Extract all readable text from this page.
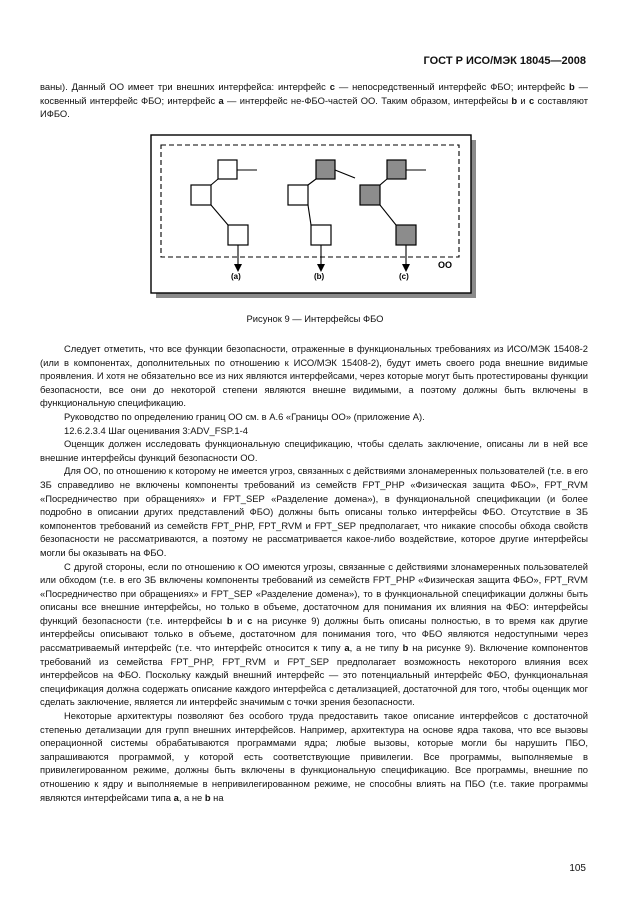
ГОСТ Р ИСО/МЭК 18045—2008

ваны). Данный ОО имеет три внешних интерфейса: интерфейс c — непосредственный интерфейс ФБО; интерфейс b — косвенный интерфейс ФБО; интерфейс a — интерфейс не-ФБО-частей ОО. Таким образом, интерфейсы b и c составляют ИФБО.

(a)	(b)	(c)
ОО
Рисунок 9 — Интерфейсы ФБО

Следует отметить, что все функции безопасности, отраженные в функциональных требованиях из ИСО/МЭК 15408-2 (или в компонентах, дополнительных по отношению к ИСО/МЭК 15408-2), будут иметь своего рода внешние видимые проявления. И хотя не обязательно все из них являются интерфейсами, через которые могут быть протестированы функции безопасности, все они до некоторой степени являются внешне видимыми, а поэтому должны быть включены в функциональную спецификацию.

Руководство по определению границ ОО см. в А.6 «Границы ОО» (приложение А).

12.6.2.3.4 Шаг оценивания 3:ADV_FSP.1-4

Оценщик должен исследовать функциональную спецификацию, чтобы сделать заключение, описаны ли в ней все внешние интерфейсы функций безопасности ОО.

Для ОО, по отношению к которому не имеется угроз, связанных с действиями злонамеренных пользователей (т.е. в его ЗБ справедливо не включены компоненты требований из семейств FPT_PHP «Физическая защита ФБО», FPT_RVM «Посредничество при обращениях» и FPT_SEP «Разделение домена»), в функциональной спецификации (и более подробно в описании других представлений ФБО) должны быть описаны только интерфейсы ФБО. Отсутствие в ЗБ компонентов требований из семейств FPT_PHP, FPT_RVM и FPT_SEP предполагает, что никакие способы обхода свойств безопасности не рассматриваются, а поэтому не рассматривается какое-либо воздействие, которое другие интерфейсы могли бы оказывать на ФБО.

С другой стороны, если по отношению к ОО имеются угрозы, связанные с действиями злонамеренных пользователей или обходом (т.е. в его ЗБ включены компоненты требований из семейств FPT_PHP «Физическая защита ФБО», FPT_RVM «Посредничество при обращениях» и FPT_SEP «Разделение домена»), то в функциональной спецификации должны быть описаны все внешние интерфейсы, но только в объеме, достаточном для понимания их влияния на ФБО: интерфейсы функций безопасности (т.е. интерфейсы b и c на рисунке 9) должны быть описаны полностью, в то время как другие интерфейсы описывают только в объеме, достаточном для понимания того, что ФБО являются недоступными через рассматриваемый интерфейс (т.е. что интерфейс относится к типу a, а не типу b на рисунке 9). Включение компонентов требований из семейства FPT_PHP, FPT_RVM и FPT_SEP предполагает возможность некоторого влияния всех интерфейсов на ФБО. Поскольку каждый внешний интерфейс — это потенциальный интерфейс ФБО, функциональная спецификация должна содержать описание каждого интерфейса с детализацией, достаточной для того, чтобы оценщик мог сделать заключение, является ли интерфейс значимым с точки зрения безопасности.

Некоторые архитектуры позволяют без особого труда предоставить такое описание интерфейсов с достаточной степенью детализации для групп внешних интерфейсов. Например, архитектура на основе ядра такова, что все вызовы операционной системы обрабатываются программами ядра; любые вызовы, которые могли бы нарушить ПБО, запрашиваются программой, у которой есть соответствующие привилегии. Все программы, выполняемые в привилегированном режиме, должны быть включены в функциональную спецификацию. Все программы, внешние по отношению к ядру и выполняемые в непривилегированном режиме, не способны влиять на ПБО (т.е. такие программы являются интерфейсами типа a, а не b на

105
